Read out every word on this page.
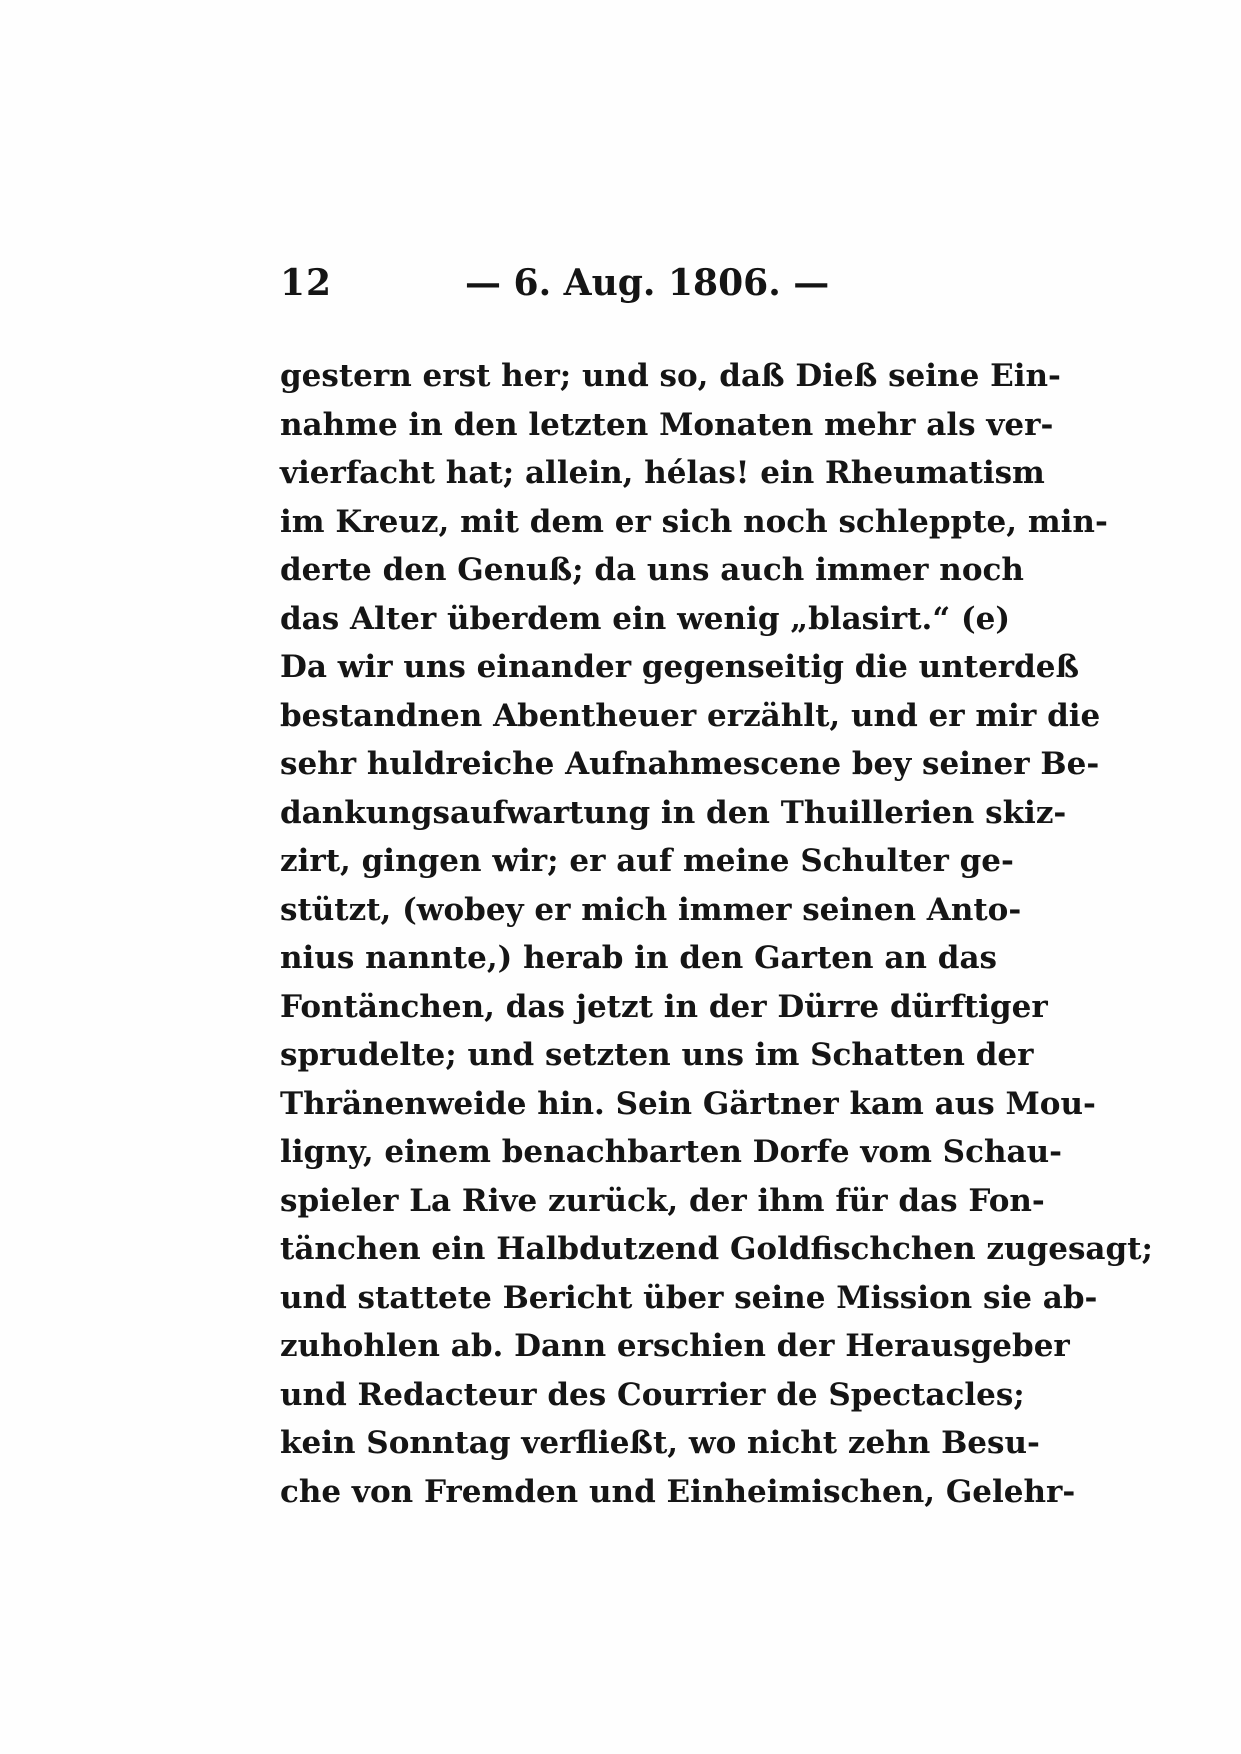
12	— 6. Aug. 1806. —
gestern erst her; und so, daß Dieß seine Ein-
nahme in den letzten Monaten mehr als ver-
vierfacht hat; allein, hélas! ein Rheumatism
im Kreuz, mit dem er sich noch schleppte, min-
derte den Genuß; da uns auch immer noch
das Alter überdem ein wenig „blasirt.“ (e)
Da wir uns einander gegenseitig die unterdeß
bestandnen Abentheuer erzählt, und er mir die
sehr huldreiche Aufnahmescene bey seiner Be-
dankungsaufwartung in den Thuillerien skiz-
zirt, gingen wir; er auf meine Schulter ge-
stützt, (wobey er mich immer seinen Anto-
nius nannte,) herab in den Garten an das
Fontänchen, das jetzt in der Dürre dürftiger
sprudelte; und setzten uns im Schatten der
Thränenweide hin. Sein Gärtner kam aus Mou-
ligny, einem benachbarten Dorfe vom Schau-
spieler La Rive zurück, der ihm für das Fon-
tänchen ein Halbdutzend Goldfischchen zugesagt;
und stattete Bericht über seine Mission sie ab-
zuhohlen ab. Dann erschien der Herausgeber
und Redacteur des Courrier de Spectacles;
kein Sonntag verfließt, wo nicht zehn Besu-
che von Fremden und Einheimischen, Gelehr-
